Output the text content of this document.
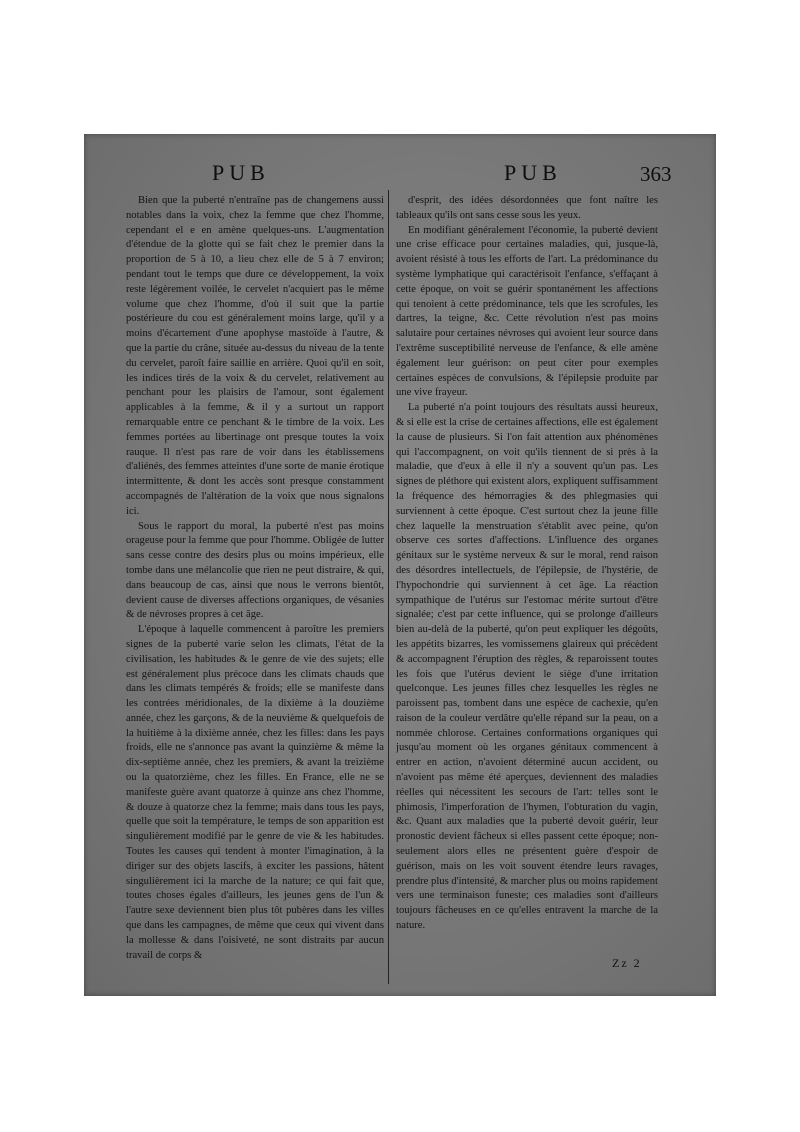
PUB	PUB	363

Bien que la puberté n'entraîne pas de changemens aussi notables dans la voix, chez la femme que chez l'homme, cependant el e en amène quelques-uns. L'augmentation d'étendue de la glotte qui se fait chez le premier dans la proportion de 5 à 10, a lieu chez elle de 5 à 7 environ; pendant tout le temps que dure ce développement, la voix reste légèrement voilée, le cervelet n'acquiert pas le même volume que chez l'homme, d'où il suit que la partie postérieure du cou est généralement moins large, qu'il y a moins d'écartement d'une apophyse mastoïde à l'autre, & que la partie du crâne, située au-dessus du niveau de la tente du cervelet, paroît faire saillie en arrière. Quoi qu'il en soit, les indices tirés de la voix & du cervelet, relativement au penchant pour les plaisirs de l'amour, sont également applicables à la femme, & il y a surtout un rapport remarquable entre ce penchant & le timbre de la voix. Les femmes portées au libertinage ont presque toutes la voix rauque. Il n'est pas rare de voir dans les établissemens d'aliénés, des femmes atteintes d'une sorte de manie érotique intermittente, & dont les accès sont presque constamment accompagnés de l'altération de la voix que nous signalons ici.

Sous le rapport du moral, la puberté n'est pas moins orageuse pour la femme que pour l'homme. Obligée de lutter sans cesse contre des desirs plus ou moins impérieux, elle tombe dans une mélancolie que rien ne peut distraire, & qui, dans beaucoup de cas, ainsi que nous le verrons bientôt, devient cause de diverses affections organiques, de vésanies & de névroses propres à cet âge.

L'époque à laquelle commencent à paroître les premiers signes de la puberté varie selon les climats, l'état de la civilisation, les habitudes & le genre de vie des sujets; elle est généralement plus précoce dans les climats chauds que dans les climats tempérés & froids; elle se manifeste dans les contrées méridionales, de la dixième à la douzième année, chez les garçons, & de la neuvième & quelquefois de la huitième à la dixième année, chez les filles: dans les pays froids, elle ne s'annonce pas avant la quinzième & même la dix-septième année, chez les premiers, & avant la treizième ou la quatorzième, chez les filles. En France, elle ne se manifeste guère avant quatorze à quinze ans chez l'homme, & douze à quatorze chez la femme; mais dans tous les pays, quelle que soit la température, le temps de son apparition est singulièrement modifié par le genre de vie & les habitudes. Toutes les causes qui tendent à monter l'imagination, à la diriger sur des objets lascifs, à exciter les passions, hâtent singulièrement ici la marche de la nature; ce qui fait que, toutes choses égales d'ailleurs, les jeunes gens de l'un & l'autre sexe deviennent bien plus tôt pubères dans les villes que dans les campagnes, de même que ceux qui vivent dans la mollesse & dans l'oisiveté, ne sont distraits par aucun travail de corps &

d'esprit, des idées désordonnées que font naître les tableaux qu'ils ont sans cesse sous les yeux.

En modifiant généralement l'économie, la puberté devient une crise efficace pour certaines maladies, qui, jusque-là, avoient résisté à tous les efforts de l'art. La prédominance du système lymphatique qui caractérisoit l'enfance, s'effaçant à cette époque, on voit se guérir spontanément les affections qui tenoient à cette prédominance, tels que les scrofules, les dartres, la teigne, &c. Cette révolution n'est pas moins salutaire pour certaines névroses qui avoient leur source dans l'extrême susceptibilité nerveuse de l'enfance, & elle amène également leur guérison: on peut citer pour exemples certaines espèces de convulsions, & l'épilepsie produite par une vive frayeur.

La puberté n'a point toujours des résultats aussi heureux, & si elle est la crise de certaines affections, elle est également la cause de plusieurs. Si l'on fait attention aux phénomènes qui l'accompagnent, on voit qu'ils tiennent de si près à la maladie, que d'eux à elle il n'y a souvent qu'un pas. Les signes de pléthore qui existent alors, expliquent suffisamment la fréquence des hémorragies & des phlegmasies qui surviennent à cette époque. C'est surtout chez la jeune fille chez laquelle la menstruation s'établit avec peine, qu'on observe ces sortes d'affections. L'influence des organes génitaux sur le système nerveux & sur le moral, rend raison des désordres intellectuels, de l'épilepsie, de l'hystérie, de l'hypochondrie qui surviennent à cet âge. La réaction sympathique de l'utérus sur l'estomac mérite surtout d'être signalée; c'est par cette influence, qui se prolonge d'ailleurs bien au-delà de la puberté, qu'on peut expliquer les dégoûts, les appétits bizarres, les vomissemens glaireux qui précèdent & accompagnent l'éruption des règles, & reparoissent toutes les fois que l'utérus devient le siège d'une irritation quelconque. Les jeunes filles chez lesquelles les règles ne paroissent pas, tombent dans une espèce de cachexie, qu'en raison de la couleur verdâtre qu'elle répand sur la peau, on a nommée chlorose. Certaines conformations organiques qui jusqu'au moment où les organes génitaux commencent à entrer en action, n'avoient déterminé aucun accident, ou n'avoient pas même été aperçues, deviennent des maladies réelles qui nécessitent les secours de l'art: telles sont le phimosis, l'imperforation de l'hymen, l'obturation du vagin, &c. Quant aux maladies que la puberté devoit guérir, leur pronostic devient fâcheux si elles passent cette époque; non-seulement alors elles ne présentent guère d'espoir de guérison, mais on les voit souvent étendre leurs ravages, prendre plus d'intensité, & marcher plus ou moins rapidement vers une terminaison funeste; ces maladies sont d'ailleurs toujours fâcheuses en ce qu'elles entravent la marche de la nature.

Zz 2
